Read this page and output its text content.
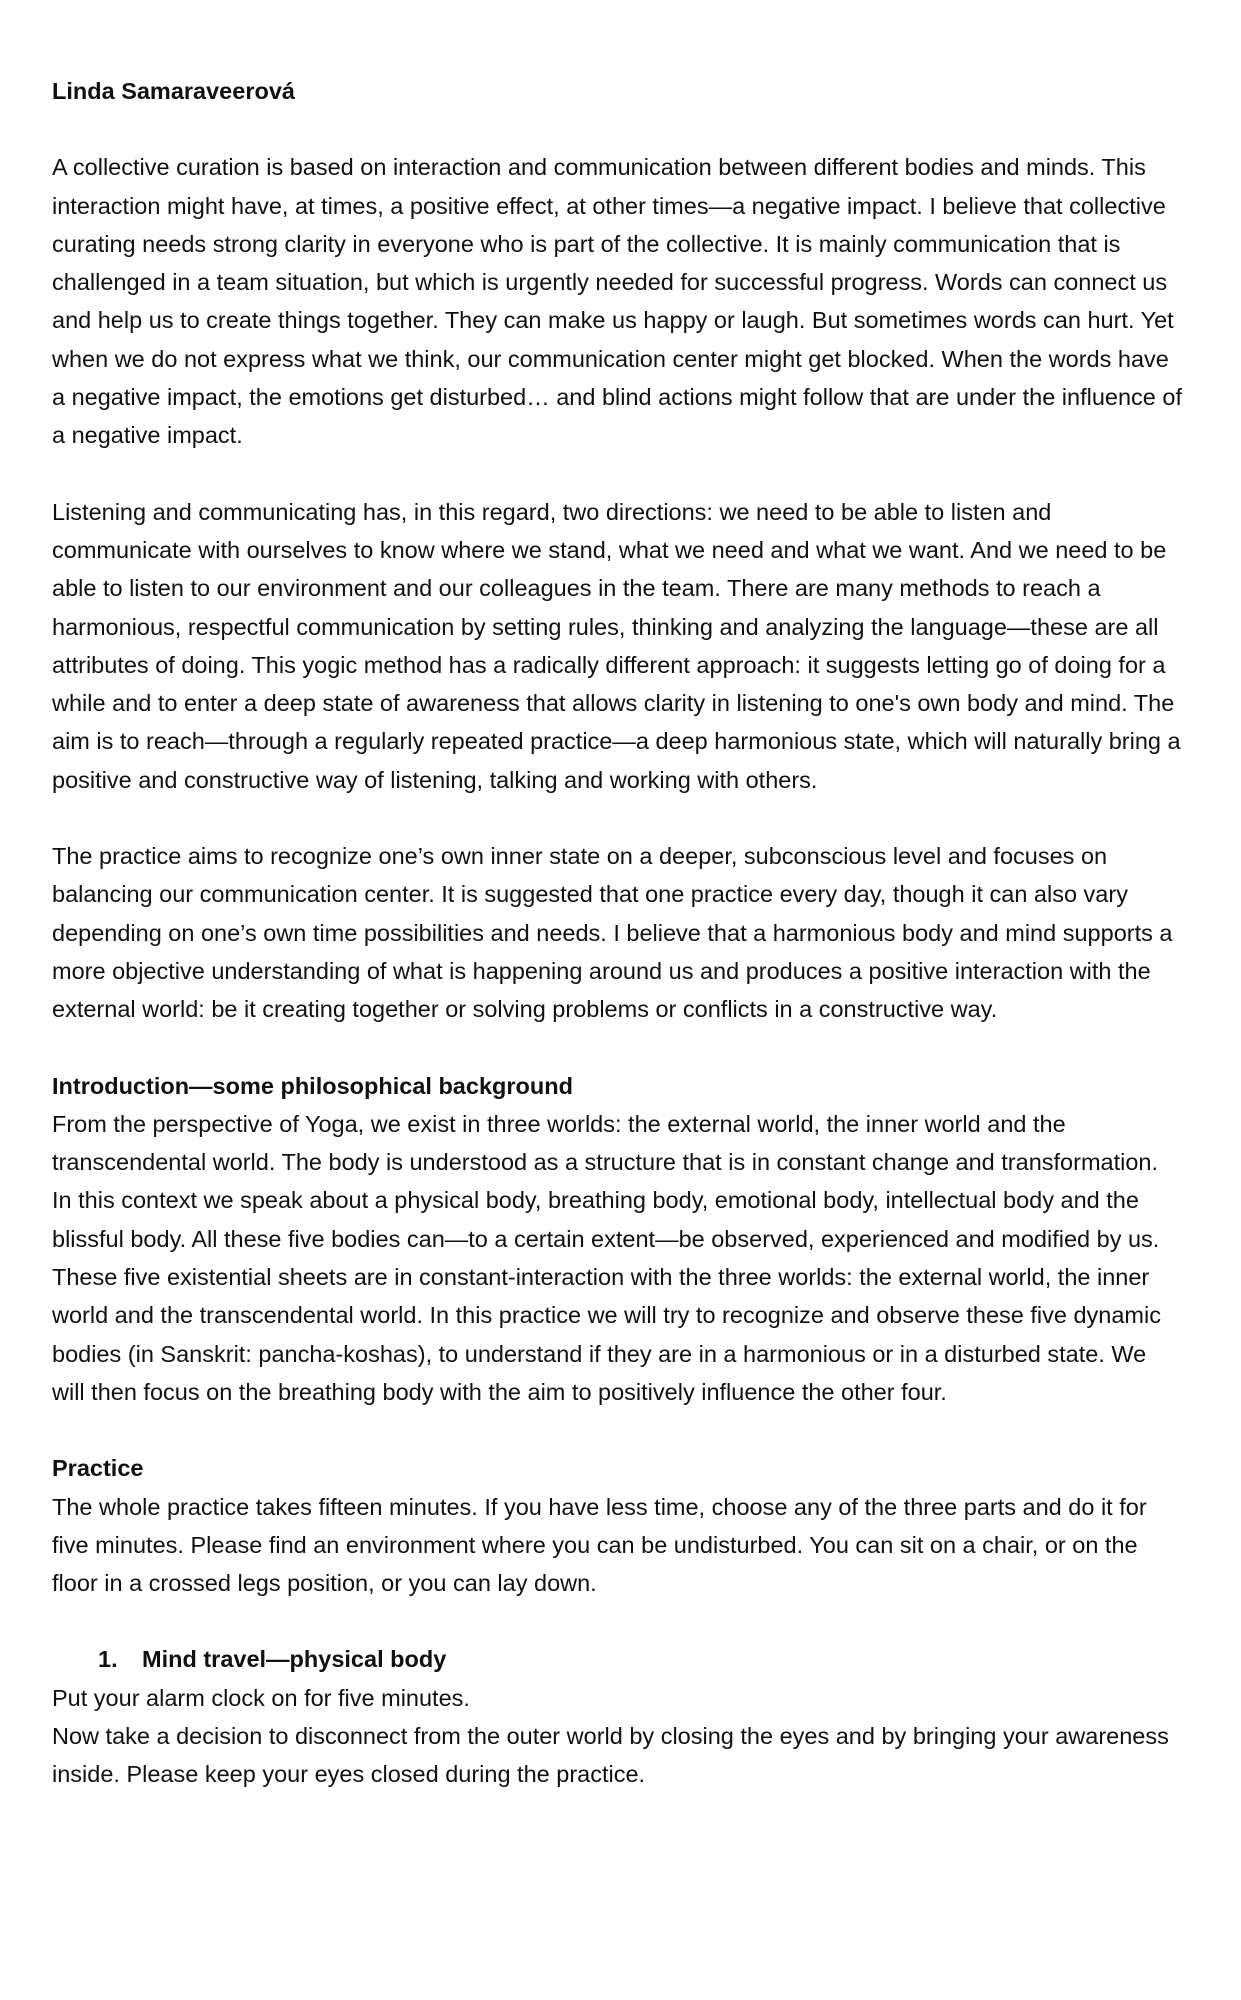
Linda Samaraveerová

A collective curation is based on interaction and communication between different bodies and minds. This interaction might have, at times, a positive effect, at other times—a negative impact. I believe that collective curating needs strong clarity in everyone who is part of the collective. It is mainly communication that is challenged in a team situation, but which is urgently needed for successful progress. Words can connect us and help us to create things together. They can make us happy or laugh. But sometimes words can hurt. Yet when we do not express what we think, our communication center might get blocked. When the words have a negative impact, the emotions get disturbed… and blind actions might follow that are under the influence of a negative impact.

Listening and communicating has, in this regard, two directions: we need to be able to listen and communicate with ourselves to know where we stand, what we need and what we want. And we need to be able to listen to our environment and our colleagues in the team. There are many methods to reach a harmonious, respectful communication by setting rules, thinking and analyzing the language—these are all attributes of doing. This yogic method has a radically different approach: it suggests letting go of doing for a while and to enter a deep state of awareness that allows clarity in listening to one's own body and mind. The aim is to reach—through a regularly repeated practice—a deep harmonious state, which will naturally bring a positive and constructive way of listening, talking and working with others.

The practice aims to recognize one’s own inner state on a deeper, subconscious level and focuses on balancing our communication center. It is suggested that one practice every day, though it can also vary depending on one’s own time possibilities and needs. I believe that a harmonious body and mind supports a more objective understanding of what is happening around us and produces a positive interaction with the external world: be it creating together or solving problems or conflicts in a constructive way.

Introduction—some philosophical background
From the perspective of Yoga, we exist in three worlds: the external world, the inner world and the transcendental world. The body is understood as a structure that is in constant change and transformation. In this context we speak about a physical body, breathing body, emotional body, intellectual body and the blissful body. All these five bodies can—to a certain extent—be observed, experienced and modified by us. These five existential sheets are in constant-interaction with the three worlds: the external world, the inner world and the transcendental world. In this practice we will try to recognize and observe these five dynamic bodies (in Sanskrit: pancha-koshas), to understand if they are in a harmonious or in a disturbed state. We will then focus on the breathing body with the aim to positively influence the other four.
Practice
The whole practice takes fifteen minutes. If you have less time, choose any of the three parts and do it for five minutes. Please find an environment where you can be undisturbed. You can sit on a chair, or on the floor in a crossed legs position, or you can lay down.
1. Mind travel—physical body
Put your alarm clock on for five minutes.
Now take a decision to disconnect from the outer world by closing the eyes and by bringing your awareness inside. Please keep your eyes closed during the practice.
